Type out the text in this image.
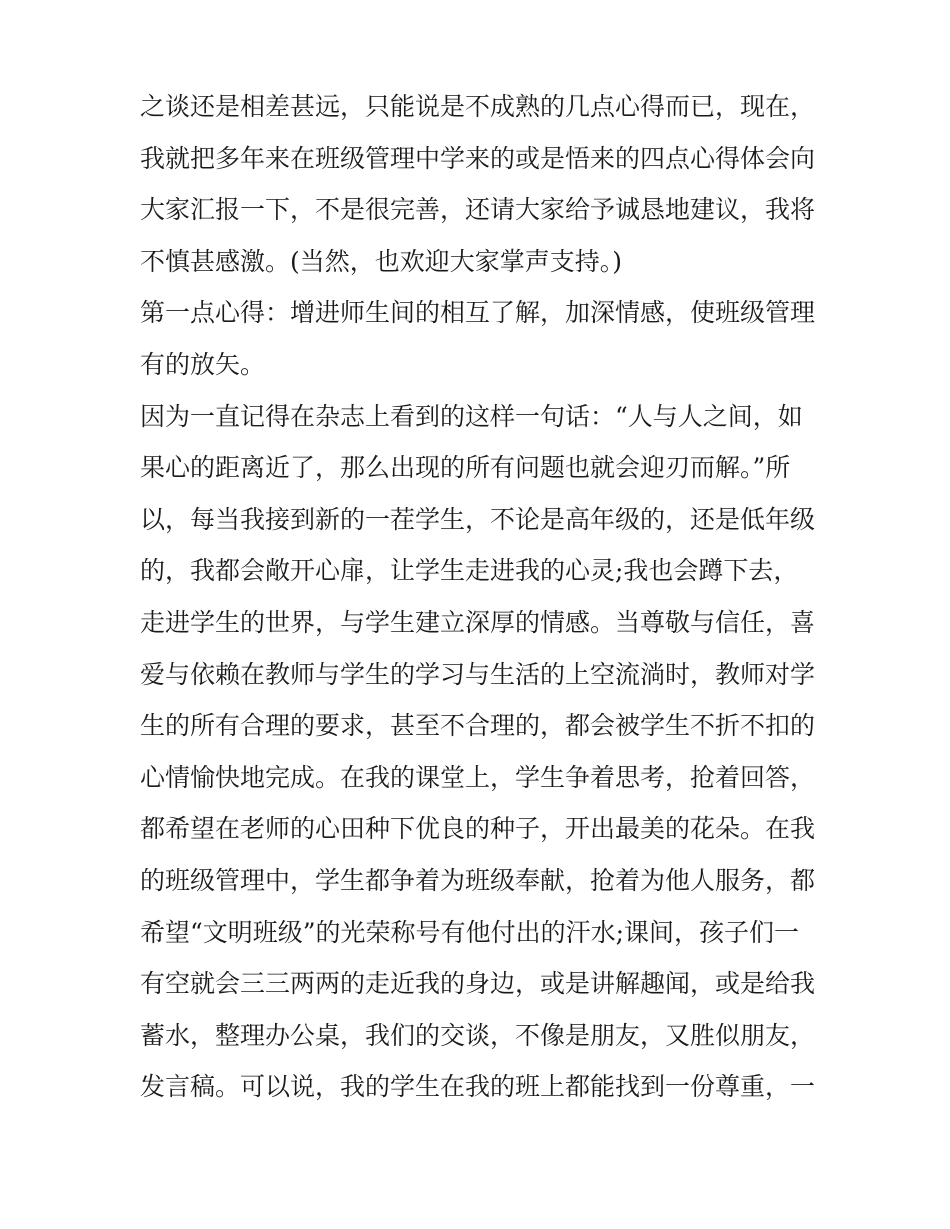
之谈还是相差甚远，只能说是不成熟的几点心得而已，现在，
我就把多年来在班级管理中学来的或是悟来的四点心得体会向
大家汇报一下，不是很完善，还请大家给予诚恳地建议，我将
不慎甚感激。(当然，也欢迎大家掌声支持。)
第一点心得：增进师生间的相互了解，加深情感，使班级管理
有的放矢。
因为一直记得在杂志上看到的这样一句话：“人与人之间，如
果心的距离近了，那么出现的所有问题也就会迎刃而解。”所
以，每当我接到新的一茬学生，不论是高年级的，还是低年级
的，我都会敞开心扉，让学生走进我的心灵;我也会蹲下去，
走进学生的世界，与学生建立深厚的情感。当尊敬与信任，喜
爱与依赖在教师与学生的学习与生活的上空流淌时，教师对学
生的所有合理的要求，甚至不合理的，都会被学生不折不扣的
心情愉快地完成。在我的课堂上，学生争着思考，抢着回答，
都希望在老师的心田种下优良的种子，开出最美的花朵。在我
的班级管理中，学生都争着为班级奉献，抢着为他人服务，都
希望“文明班级”的光荣称号有他付出的汗水;课间，孩子们一
有空就会三三两两的走近我的身边，或是讲解趣闻，或是给我
蓄水，整理办公桌，我们的交谈，不像是朋友，又胜似朋友，
发言稿。可以说，我的学生在我的班上都能找到一份尊重，一
